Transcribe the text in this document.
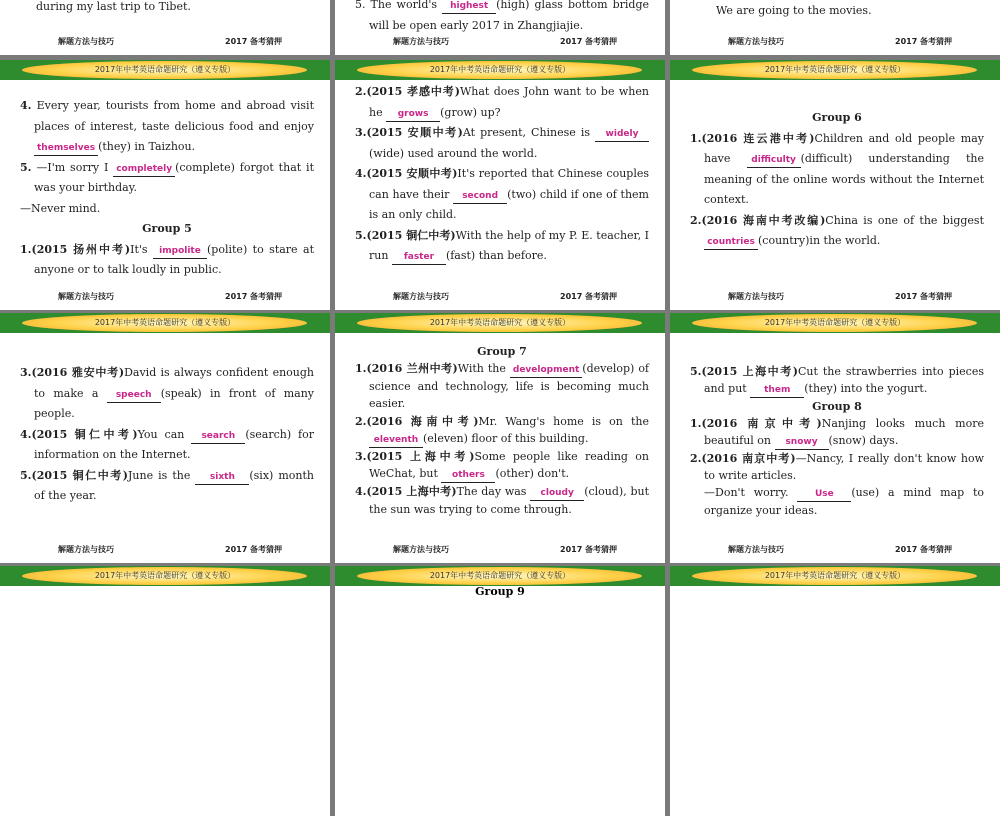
during my last trip to Tibet.
解题方法与技巧	2017 备考猜押
5. The world's highest (high) glass bottom bridge will be open early 2017 in Zhangjiajie.
解题方法与技巧	2017 备考猜押
We are going to the movies.
解题方法与技巧	2017 备考猜押
2017年中考英语命题研究（遵义专版）
4. Every year, tourists from home and abroad visit places of interest, taste delicious food and enjoy themselves (they) in Taizhou.
5. —I'm sorry I completely (complete) forgot that it was your birthday.
—Never mind.
Group 5
1.(2015 扬州中考)It's impolite (polite) to stare at anyone or to talk loudly in public.
解题方法与技巧	2017 备考猜押
2017年中考英语命题研究（遵义专版）
2.(2015 孝感中考)What does John want to be when he grows (grow) up?
3.(2015 安顺中考)At present, Chinese is widely(wide) used around the world.
4.(2015 安顺中考)It's reported that Chinese couples can have their second (two) child if one of them is an only child.
5.(2015 铜仁中考)With the help of my P. E. teacher, I run faster (fast) than before.
解题方法与技巧	2017 备考猜押
2017年中考英语命题研究（遵义专版）
Group 6
1.(2016 连云港中考)Children and old people may have difficulty (difficult) understanding the meaning of the online words without the Internet context.
2.(2016 海南中考改编)China is one of the biggest countries (country)in the world.
解题方法与技巧	2017 备考猜押
2017年中考英语命题研究（遵义专版）
3.(2016 雅安中考)David is always confident enough to make a speech (speak) in front of many people.
4.(2015 铜仁中考)You can search (search) for information on the Internet.
5.(2015 铜仁中考)June is the sixth (six) month of the year.
解题方法与技巧	2017 备考猜押
2017年中考英语命题研究（遵义专版）
Group 7
1.(2016 兰州中考)With the development (develop) of science and technology, life is becoming much easier.
2.(2016 海南中考)Mr. Wang's home is on the eleventh (eleven) floor of this building.
3.(2015 上海中考)Some people like reading on WeChat, but others (other) don't.
4.(2015 上海中考)The day was cloudy (cloud), but the sun was trying to come through.
解题方法与技巧	2017 备考猜押
2017年中考英语命题研究（遵义专版）
5.(2015 上海中考)Cut the strawberries into pieces and put them (they) into the yogurt.
Group 8
1.(2016 南京中考)Nanjing looks much more beautiful on snowy (snow) days.
2.(2016 南京中考)—Nancy, I really don't know how to write articles.
—Don't worry.	Use (use) a mind map to organize your ideas.
解题方法与技巧	2017 备考猜押
2017年中考英语命题研究（遵义专版）	2017年中考英语命题研究（遵义专版）
Group 9
2017年中考英语命题研究（遵义专版）
